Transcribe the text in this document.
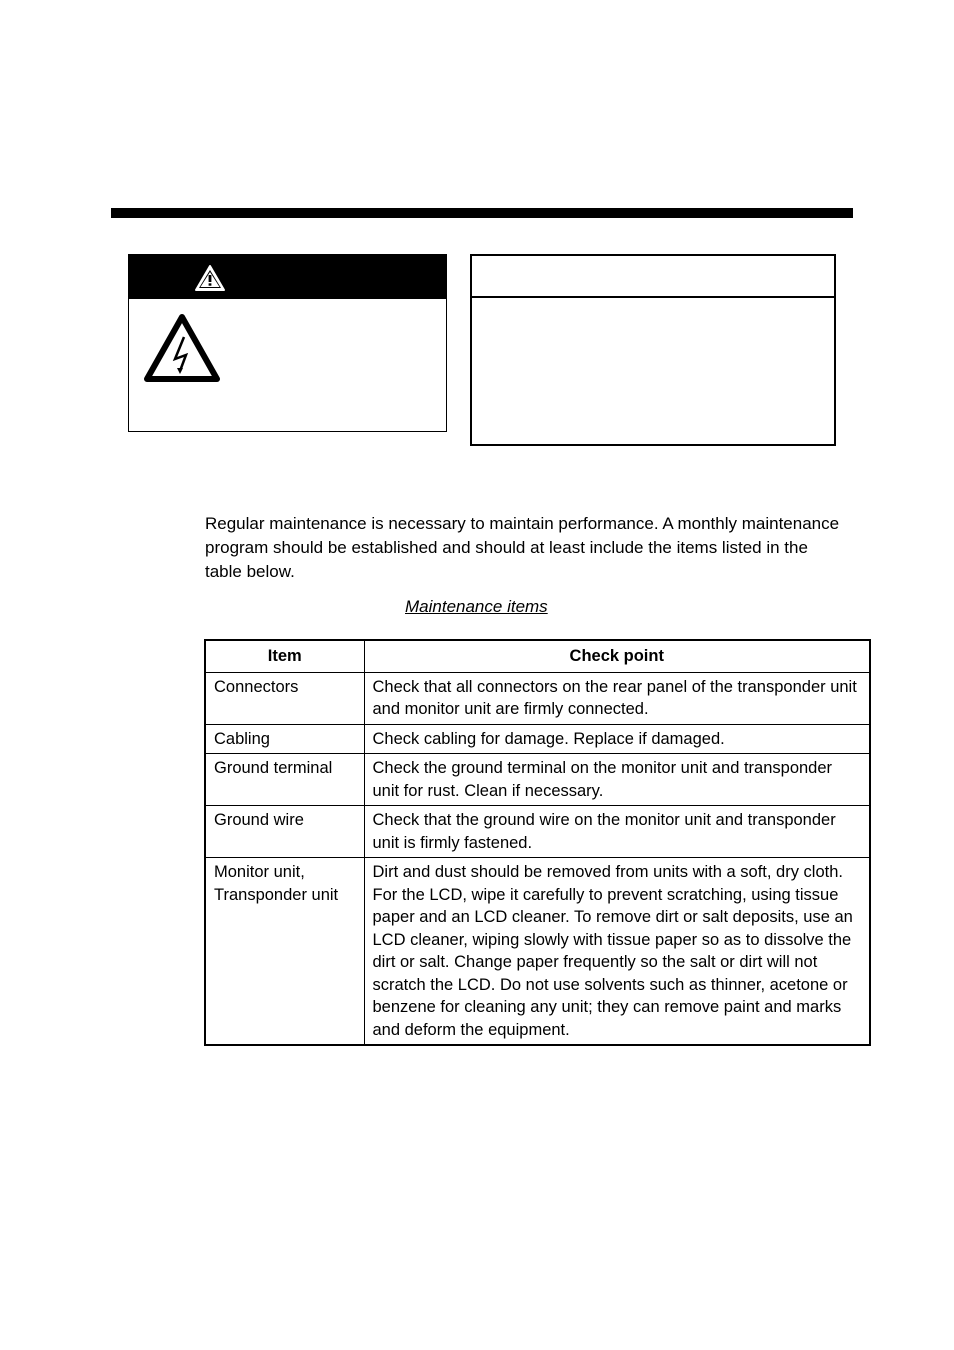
Regular maintenance is necessary to maintain performance. A monthly maintenance program should be established and should at least include the items listed in the table below.

Maintenance items
Item	Check point
Connectors	Check that all connectors on the rear panel of the transponder unit and monitor unit are firmly connected.
Cabling	Check cabling for damage. Replace if damaged.
Ground terminal	Check the ground terminal on the monitor unit and transponder unit for rust. Clean if necessary.
Ground wire	Check that the ground wire on the monitor unit and transponder unit is firmly fastened.
Monitor unit,
Transponder unit	Dirt and dust should be removed from units with a soft, dry cloth. For the LCD, wipe it carefully to prevent scratching, using tissue paper and an LCD cleaner. To remove dirt or salt deposits, use an LCD cleaner, wiping slowly with tissue paper so as to dissolve the dirt or salt. Change paper frequently so the salt or dirt will not scratch the LCD. Do not use solvents such as thinner, acetone or benzene for cleaning any unit; they can remove paint and marks and deform the equipment.
